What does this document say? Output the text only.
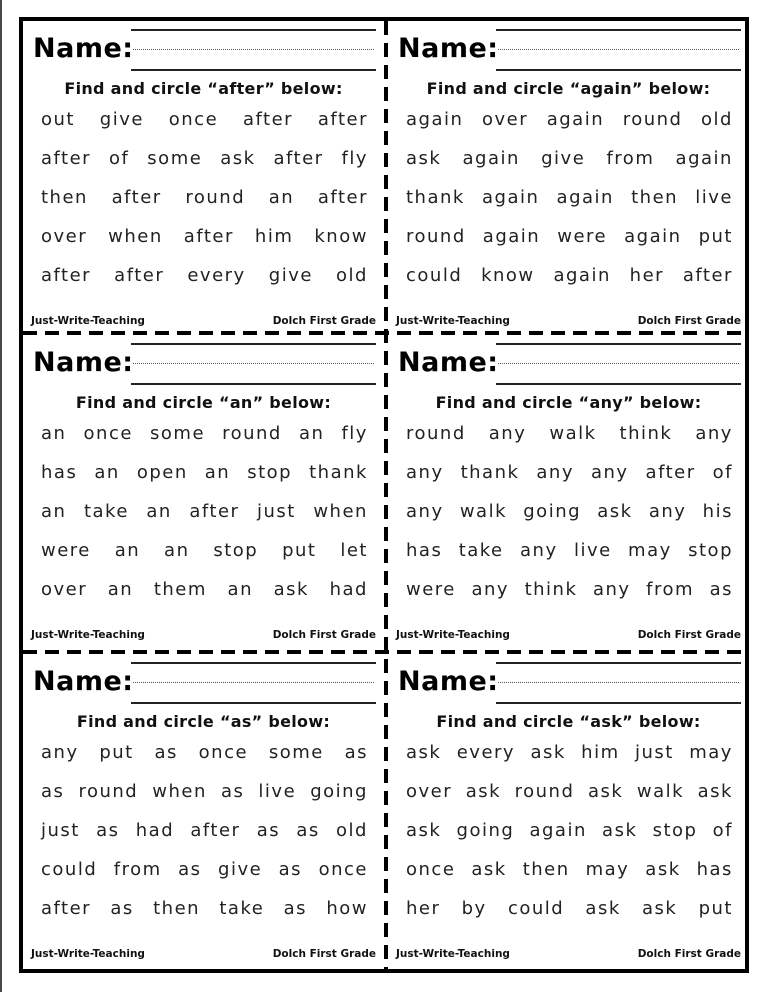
Name:
Find and circle “after” below:
out give once after after
after of some ask after fly
then after round an after
over when after him know
after after every give old
Just-Write-Teaching	Dolch First Grade
Name:
Find and circle “again” below:
again over again round old
ask again give from again
thank again again then live
round again were again put
could know again her after
Just-Write-Teaching	Dolch First Grade
Name:
Find and circle “an” below:
an once some round an fly
has an open an stop thank
an take an after just when
were an an stop put let
over an them an ask had
Just-Write-Teaching	Dolch First Grade
Name:
Find and circle “any” below:
round any walk think any
any thank any any after of
any walk going ask any his
has take any live may stop
were any think any from as
Just-Write-Teaching	Dolch First Grade
Name:
Find and circle “as” below:
any put as once some as
as round when as live going
just as had after as as old
could from as give as once
after as then take as how
Just-Write-Teaching	Dolch First Grade
Name:
Find and circle “ask” below:
ask every ask him just may
over ask round ask walk ask
ask going again ask stop of
once ask then may ask has
her by could ask ask put
Just-Write-Teaching	Dolch First Grade
